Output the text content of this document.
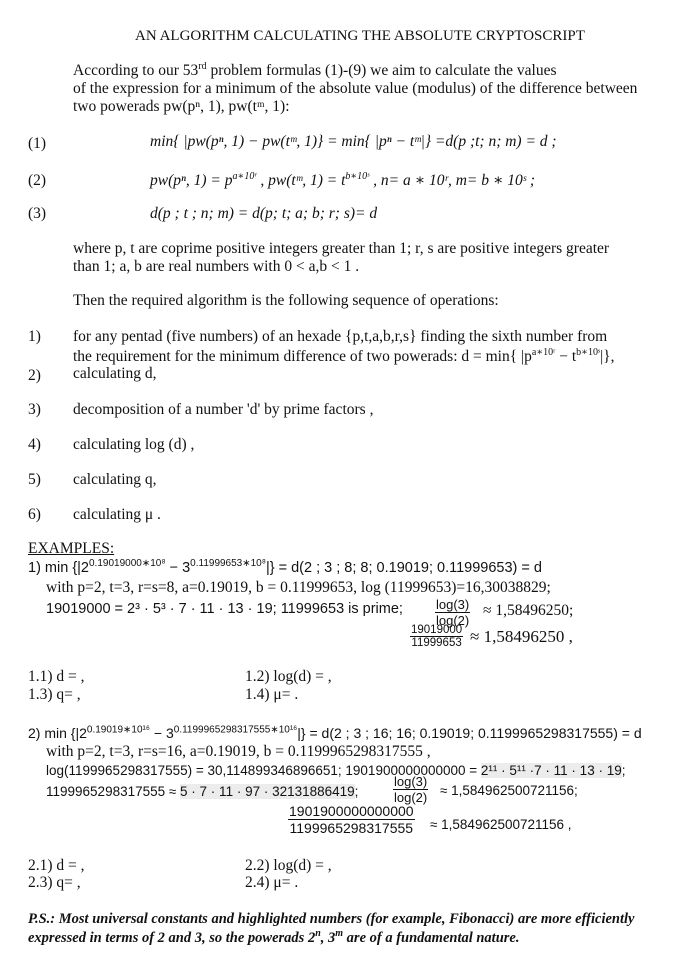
AN ALGORITHM CALCULATING THE ABSOLUTE CRYPTOSCRIPT
According to our 53rd problem formulas (1)-(9) we aim to calculate the values
of the expression for a minimum of the absolute value (modulus) of the difference between
two powerads pw(pⁿ, 1), pw(tᵐ, 1):
(1)	min{ |pw(pⁿ, 1) − pw(tᵐ, 1)} = min{ |pⁿ − tᵐ|} =d(p ;t; n; m) = d ;
(2)	pw(pⁿ, $1) = p^{a∗10ʳ}$ , pw(tᵐ, $1) = t^{b∗10ˢ}$ , n= a ∗ 10ʳ, m= b ∗ 10ˢ ;
(3)	d(p ; t ; n; m) = d(p; t; a; b; r; s)= d
where p, t are coprime positive integers greater than 1; r, s are positive integers greater
than 1; a, b are real numbers with 0 < a,b < 1 .
Then the required algorithm is the following sequence of operations:
1) for any pentad (five numbers) of an hexade {p,t,a,b,r,s} finding the sixth number from
the requirement for the minimum difference of two powerads: d = min{ $|p^{a∗10ʳ} - t^{b∗10ˢ}|$},
2) calculating d,
3) decomposition of a number 'd' by prime factors ,
4) calculating log (d) ,
5) calculating q,
6) calculating μ .
EXAMPLES:
1) $\min \{|2^{0.19019000∗10^8} - 3^{0.11999653∗10^8}|\} = d(2$ ; 3 ; 8; 8; 0.19019; 0.11999653) = d
with p=2, t=3, r=s=8, a=0.19019, b = 0.11999653, log (11999653)=16,30038829;
19019000 = 2³ · 5³ · 7 · 11 · 13 · 19; 11999653 is prime; $\frac{\log(3)}{\log(2)} \approx 1,58496250$;
$\frac{19019000}{11999653} \approx 1,58496250$ ,
1.1) d = ,	1.2) log(d) = ,
1.3) q= ,	1.4) μ= .
2) $\min \{|2^{0.19019∗10^{16}} - 3^{0.1199965298317555∗10^{16}}|\} = d(2$ ; 3 ; 16; 16; 0.19019; 0.1199965298317555) = d
with p=2, t=3, r=s=16, a=0.19019, b = 0.1199965298317555 ,
log(1199965298317555) = 30,114899346896651; 1901900000000000 = 2¹¹ · 5¹¹ ·7 · 11 · 13 · 19;
1199965298317555 ≈ 5 · 7 · 11 · 97 · 32131886419;	$\frac{\log(3)}{\log(2)} \approx 1,584962500721156$;
$\frac{1901900000000000}{1199965298317555} \approx 1,584962500721156$ ,
2.1) d = ,	2.2) log(d) = ,
2.3) q= ,	2.4) μ= .
P.S.: Most universal constants and highlighted numbers (for example, Fibonacci) are more efficiently
expressed in terms of 2 and 3, so the powerads 2$^n$, 3$^m$ are of a fundamental nature.
